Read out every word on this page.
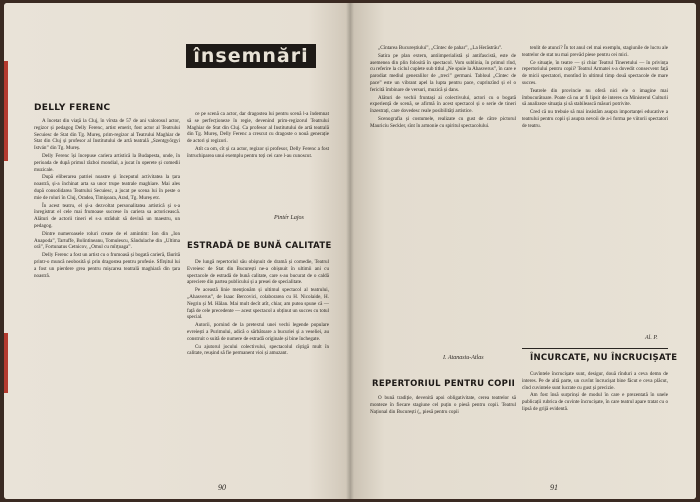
DELLY FERENC

A încetat din viață la Cluj, în vîrsta de 57 de ani valorosul actor, regizor și pedagog Delly Ferenc, artist emerit, fost actor al Teatrului Secuiesc de Stat din Tg. Mureș, prim-regizor al Teatrului Maghiar de Stat din Cluj și profesor al Institutului de artă teatrală „Szentgyörgyi István” din Tg. Mureș.

Delly Ferenc își începuse cariera artistică la Budapesta, unde, în perioada de după primul război mondial, a jucat în operete și comedii muzicale.

După eliberarea patriei noastre și începutul activitatea la țara noastră, și-a închinat arta sa unor trupe teatrale maghiare. Mai ales după consolidarea Teatrului Secuiesc, a jucat pe scena lui în peste o mie de roluri în Cluj, Oradea, Timișoara, Arad, Tg. Mureș etc.

În acest teatru, el și-a dezvoltat personalitatea artistică și s-a înregistrat el cele mai frumoase succese în cariera sa actoricească. Alături de actorii tineri el s-a străduit să devină un maestru, un pedagog.

Dintre numeroasele roluri create de el amintim: Ion din „Ion Anapoda”, Tartuffe, Bolintineanu, Tomulescu, Săndulache din „Ultima oră”, Fortunatus Cetnicov, „Omul cu mîrțoaga”.

Delly Ferenc a fost un artist cu o frumoasă și bogată carieră, făurită printr-o muncă neobosită și prin dragostea pentru profesie. Sfîrșitul lui a fost un pierdere grea pentru mișcarea teatrală maghiară din țara noastră.

ce pe scenă ca actor, dar dragostea lui pentru scenă l-a îndemnat să se perfecționeze în regie, devenind prim-regizorul Teatrului Maghiar de Stat din Cluj. Ca profesor al Institutului de artă teatrală din Tg. Mureș, Delly Ferenc a crescut cu dragoste o nouă generație de actori și regizori.

Atît ca om, cît și ca actor, regizor și profesor, Delly Ferenc a fost întruchiparea unui exemplu pentru toți cei care l-au cunoscut.

Pintér Lajos
ESTRADĂ DE BUNĂ CALITATE

De lungă repertoriul său obișnuit de dramă și comedie, Teatrul Evreiesc de Stat din București ne-a obișnuit în ultimii ani cu spectacole de estradă de bună calitate, care s-au bucurat de o caldă apreciere din partea publicului și a presei de specialitate.

Pe această linie menționăm și ultimul spectacol al teatrului, „Ahasverus”, de Isaac Bercovici, colaborarea cu H. Nicolaide, H. Negrin și M. Hâlan. Mai mult decît atît, chiar, am putea spune că — față de cele precedente — acest spectacol a obținut un succes cu totul special.

Autorii, pornind de la pretextul unei vechi legende populare evreiești a Purimului, adică o sărbătoare a bucuriei și a veseliei, au construit o suită de numere de estradă originale și bine închegate.

Cu ajutorul jocului colectivului, spectacolul cîștigă mult în calitate, reușind să fie permanent vioi și amuzant.

90

„Cîntarea Bucureștiului”, „Cîntec de pahar”, „La Herăstrău”.

Satira pe plan extern, antiimperialistă și antifascistă, este de asemenea din plin folosită în spectacol. Vom sublinia, în primul rînd, cu referire la ciclul cuplete sub titlul „Ne spuie la Ahasverus”, în care e parodiat mediul generalilor de „treci” germani. Tabloul „Cîntec de pace” este un vibrant apel la lupta pentru pace, cuprinzînd și el o fericită îmbinare de versuri, muzică și dans.

Alături de vechii fruntași ai colectivului, actori cu o bogată experiență de scenă, se afirmă în acest spectacol și o serie de tineri înzestrați, care dovedesc reale posibilități artistice.

Scenografia și costumele, realizate cu gust de către pictorul Mauriciu Seckler, sînt în armonie cu spiritul spectacolului.

I. Atanasiu-Atlas
REPERTORIUL PENTRU COPII

O bună tradiție, devenită apoi obligativitate, cerea teatrelor să monteze în fiecare stagiune cel puțin o piesă pentru copii. Teatrul Național din București („ piesă pentru copii

tenlit de atunci? În tot anul cel mai exemplu, stagiunile de lucru ale teatrelor de stat nu mai prevăd piese pentru cei mici.

Ce situație, în teatre — și chiar Teatrul Tineretului — în privința repertoriului pentru copii? Teatrul Armatei s-a dovedit consecvent față de micii spectatori, montînd în ultimul timp două spectacole de mare succes.

Teatrele din provincie nu oferă nici ele o imagine mai îmbucurătoare. Poate că nu ar fi lipsit de interes ca Ministerul Culturii să analizeze situația și să stabilească măsuri potrivite.

Cred că nu trebuie să mai insistăm asupra importanței educative a teatrului pentru copii și asupra nevoii de a-i forma pe viitorii spectatori de teatru.

Al. P.
ÎNCURCATE, NU ÎNCRUCIȘATE

Cuvîntele încrucișate sunt, desigur, două rînduri a ceva demn de interes. Pe de altă parte, un cuvînt încrucișat bine făcut e ceva plăcut, cînd cuvintele sunt lucrate cu gust și precizie.

Am fost însă surprinși de modul în care e prezentată în unele publicații rubrica de cuvinte încrucișate, în care teatrul apare tratat cu o lipsă de grijă evidentă.

91
însemnări
